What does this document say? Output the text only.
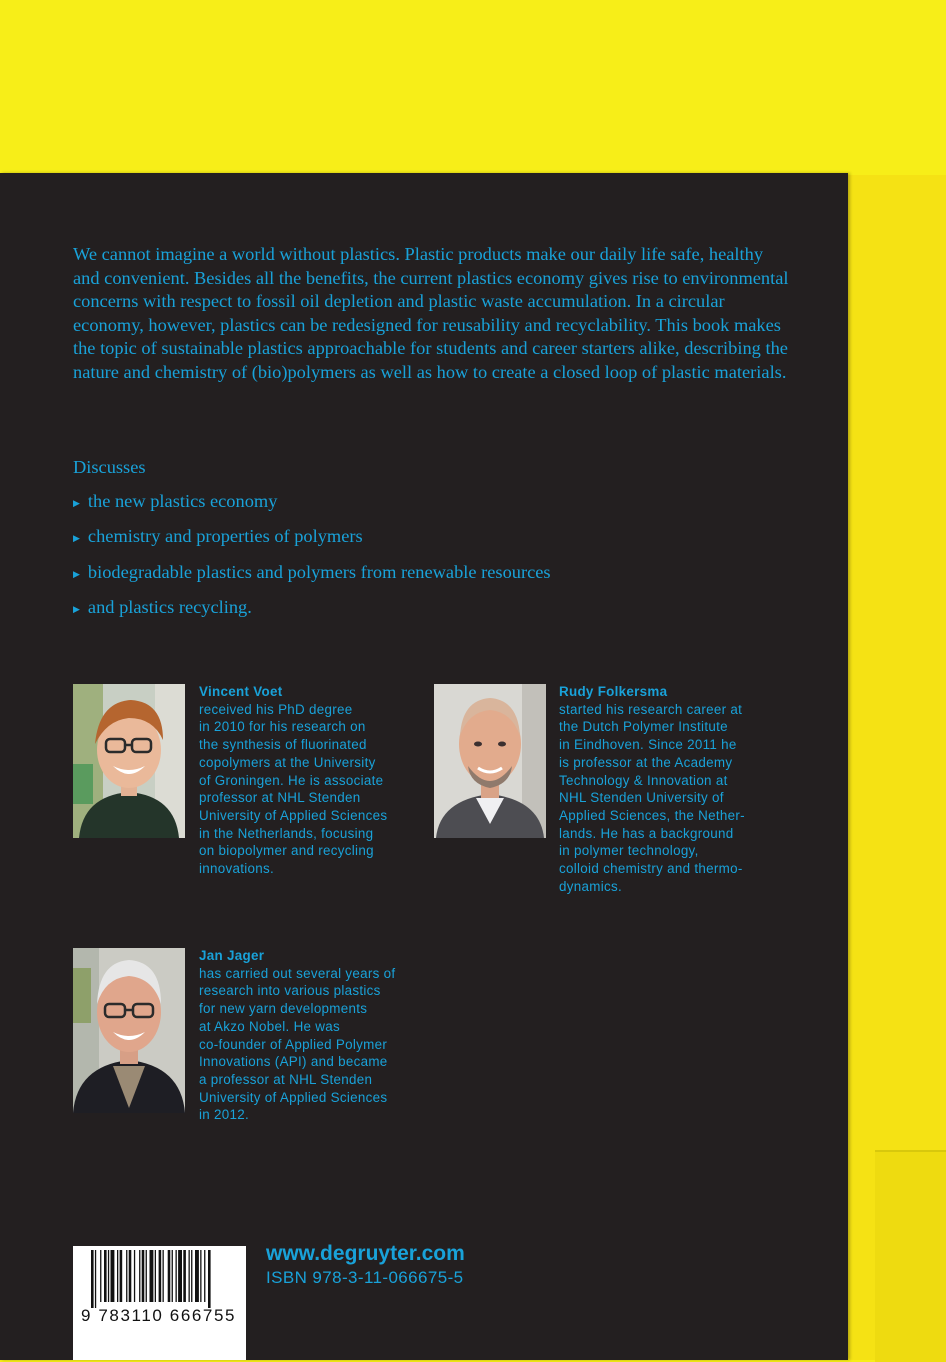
We cannot imagine a world without plastics. Plastic products make our daily life safe, healthy and convenient. Besides all the benefits, the current plastics economy gives rise to environmental concerns with respect to fossil oil depletion and plastic waste accumulation. In a circular economy, however, plastics can be redesigned for reusability and recyclability. This book makes the topic of sustainable plastics approachable for students and career starters alike, describing the nature and chemistry of (bio)polymers as well as how to create a closed loop of plastic materials.

Discusses

▶ the new plastics economy
▶ chemistry and properties of polymers
▶ biodegradable plastics and polymers from renewable resources
▶ and plastics recycling.
Vincent Voet
received his PhD degree
in 2010 for his research on
the synthesis of fluorinated
copolymers at the University
of Groningen. He is associate
professor at NHL Stenden
University of Applied Sciences
in the Netherlands, focusing
on biopolymer and recycling
innovations.
Rudy Folkersma
started his research career at
the Dutch Polymer Institute
in Eindhoven. Since 2011 he
is professor at the Academy
Technology & Innovation at
NHL Stenden University of
Applied Sciences, the Nether-
lands. He has a background
in polymer technology,
colloid chemistry and thermo-
dynamics.
Jan Jager
has carried out several years of
research into various plastics
for new yarn developments
at Akzo Nobel. He was
co-founder of Applied Polymer
Innovations (API) and became
a professor at NHL Stenden
University of Applied Sciences
in 2012.
9 783110 666755
www.degruyter.com
ISBN 978-3-11-066675-5
